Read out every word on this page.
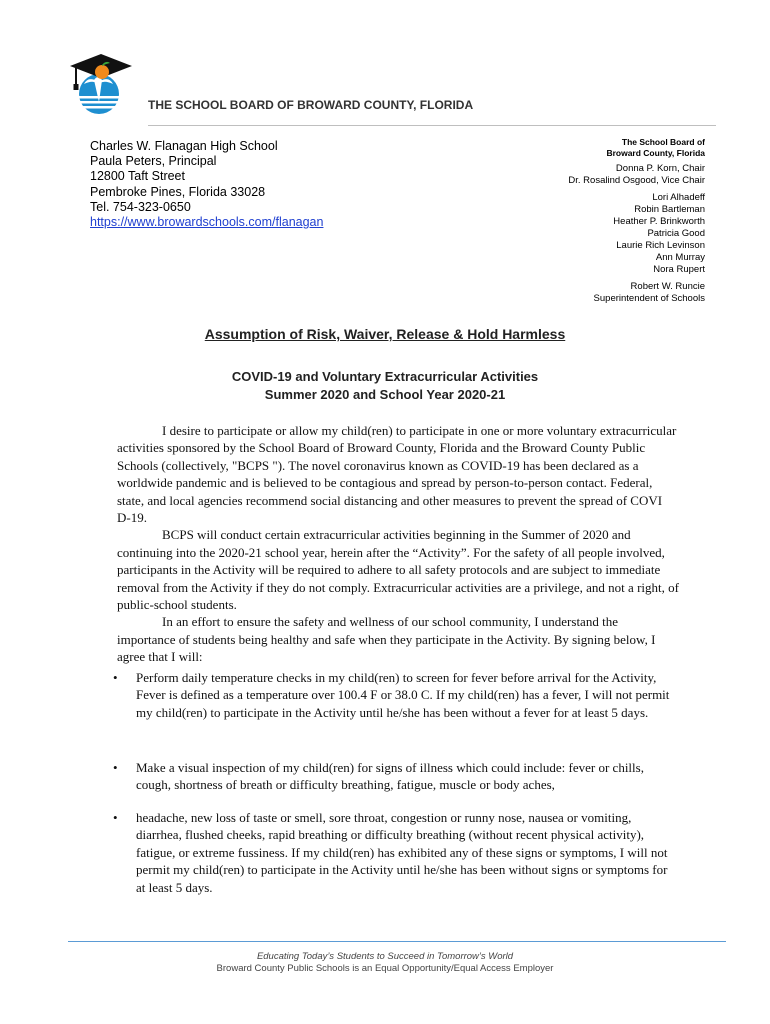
THE SCHOOL BOARD OF BROWARD COUNTY, FLORIDA
Charles W. Flanagan High School
Paula Peters, Principal
12800 Taft Street
Pembroke Pines, Florida 33028
Tel. 754-323-0650
https://www.browardschools.com/flanagan
The School Board of
Broward County, Florida
Donna P. Korn, Chair
Dr. Rosalind Osgood, Vice Chair
Lori Alhadeff
Robin Bartleman
Heather P. Brinkworth
Patricia Good
Laurie Rich Levinson
Ann Murray
Nora Rupert
Robert W. Runcie
Superintendent of Schools
Assumption of Risk, Waiver, Release & Hold Harmless
COVID-19 and Voluntary Extracurricular Activities
Summer 2020 and School Year 2020-21

I desire to participate or allow my child(ren) to participate in one or more voluntary extracurricular activities sponsored by the School Board of Broward County, Florida and the Broward County Public Schools (collectively, "BCPS "). The novel coronavirus known as COVID-19 has been declared as a worldwide pandemic and is believed to be contagious and spread by person-to-person contact. Federal, state, and local agencies recommend social distancing and other measures to prevent the spread of COVI D-19.

BCPS will conduct certain extracurricular activities beginning in the Summer of 2020 and continuing into the 2020-21 school year, herein after the “Activity”. For the safety of all people involved, participants in the Activity will be required to adhere to all safety protocols and are subject to immediate removal from the Activity if they do not comply. Extracurricular activities are a privilege, and not a right, of public-school students.

In an effort to ensure the safety and wellness of our school community, I understand the importance of students being healthy and safe when they participate in the Activity. By signing below, I agree that I will:

• Perform daily temperature checks in my child(ren) to screen for fever before arrival for the Activity, Fever is defined as a temperature over 100.4 F or 38.0 C. If my child(ren) has a fever, I will not permit my child(ren) to participate in the Activity until he/she has been without a fever for at least 5 days.
• Make a visual inspection of my child(ren) for signs of illness which could include: fever or chills, cough, shortness of breath or difficulty breathing, fatigue, muscle or body aches,
• headache, new loss of taste or smell, sore throat, congestion or runny nose, nausea or vomiting, diarrhea, flushed cheeks, rapid breathing or difficulty breathing (without recent physical activity), fatigue, or extreme fussiness. If my child(ren) has exhibited any of these signs or symptoms, I will not permit my child(ren) to participate in the Activity until he/she has been without signs or symptoms for at least 5 days.
Educating Today’s Students to Succeed in Tomorrow’s World
Broward County Public Schools is an Equal Opportunity/Equal Access Employer
